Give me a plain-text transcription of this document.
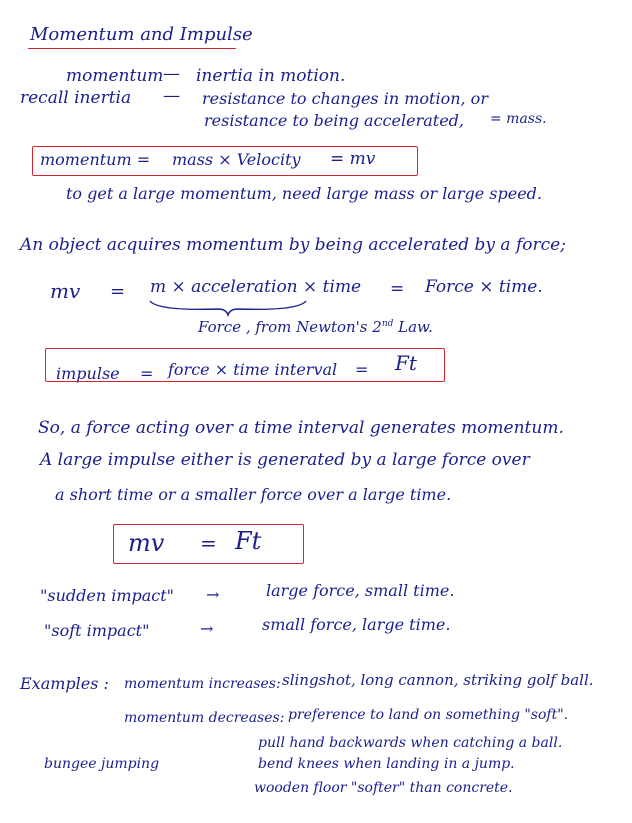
Momentum and Impulse
momentum — inertia in motion.
recall inertia — resistance to changes in motion, or
resistance to being accelerated, = mass.
momentum = mass × Velocity = mv
to get a large momentum, need large mass or large speed.
An object acquires momentum by being accelerated by a force;
mv = m × acceleration × time = Force × time.
Force , from Newton's 2nd Law.
impulse = force × time interval = Ft
So, a force acting over a time interval generates momentum.
A large impulse either is generated by a large force over
a short time or a smaller force over a large time.
mv = Ft
"sudden impact" →	large force, small time.
"soft impact"	→	small force, large time.
Examples : momentum increases: slingshot, long cannon, striking golf ball.
momentum decreases: preference to land on something "soft".
pull hand backwards when catching a ball.
bungee jumping	bend knees when landing in a jump.
wooden floor "softer" than concrete.
